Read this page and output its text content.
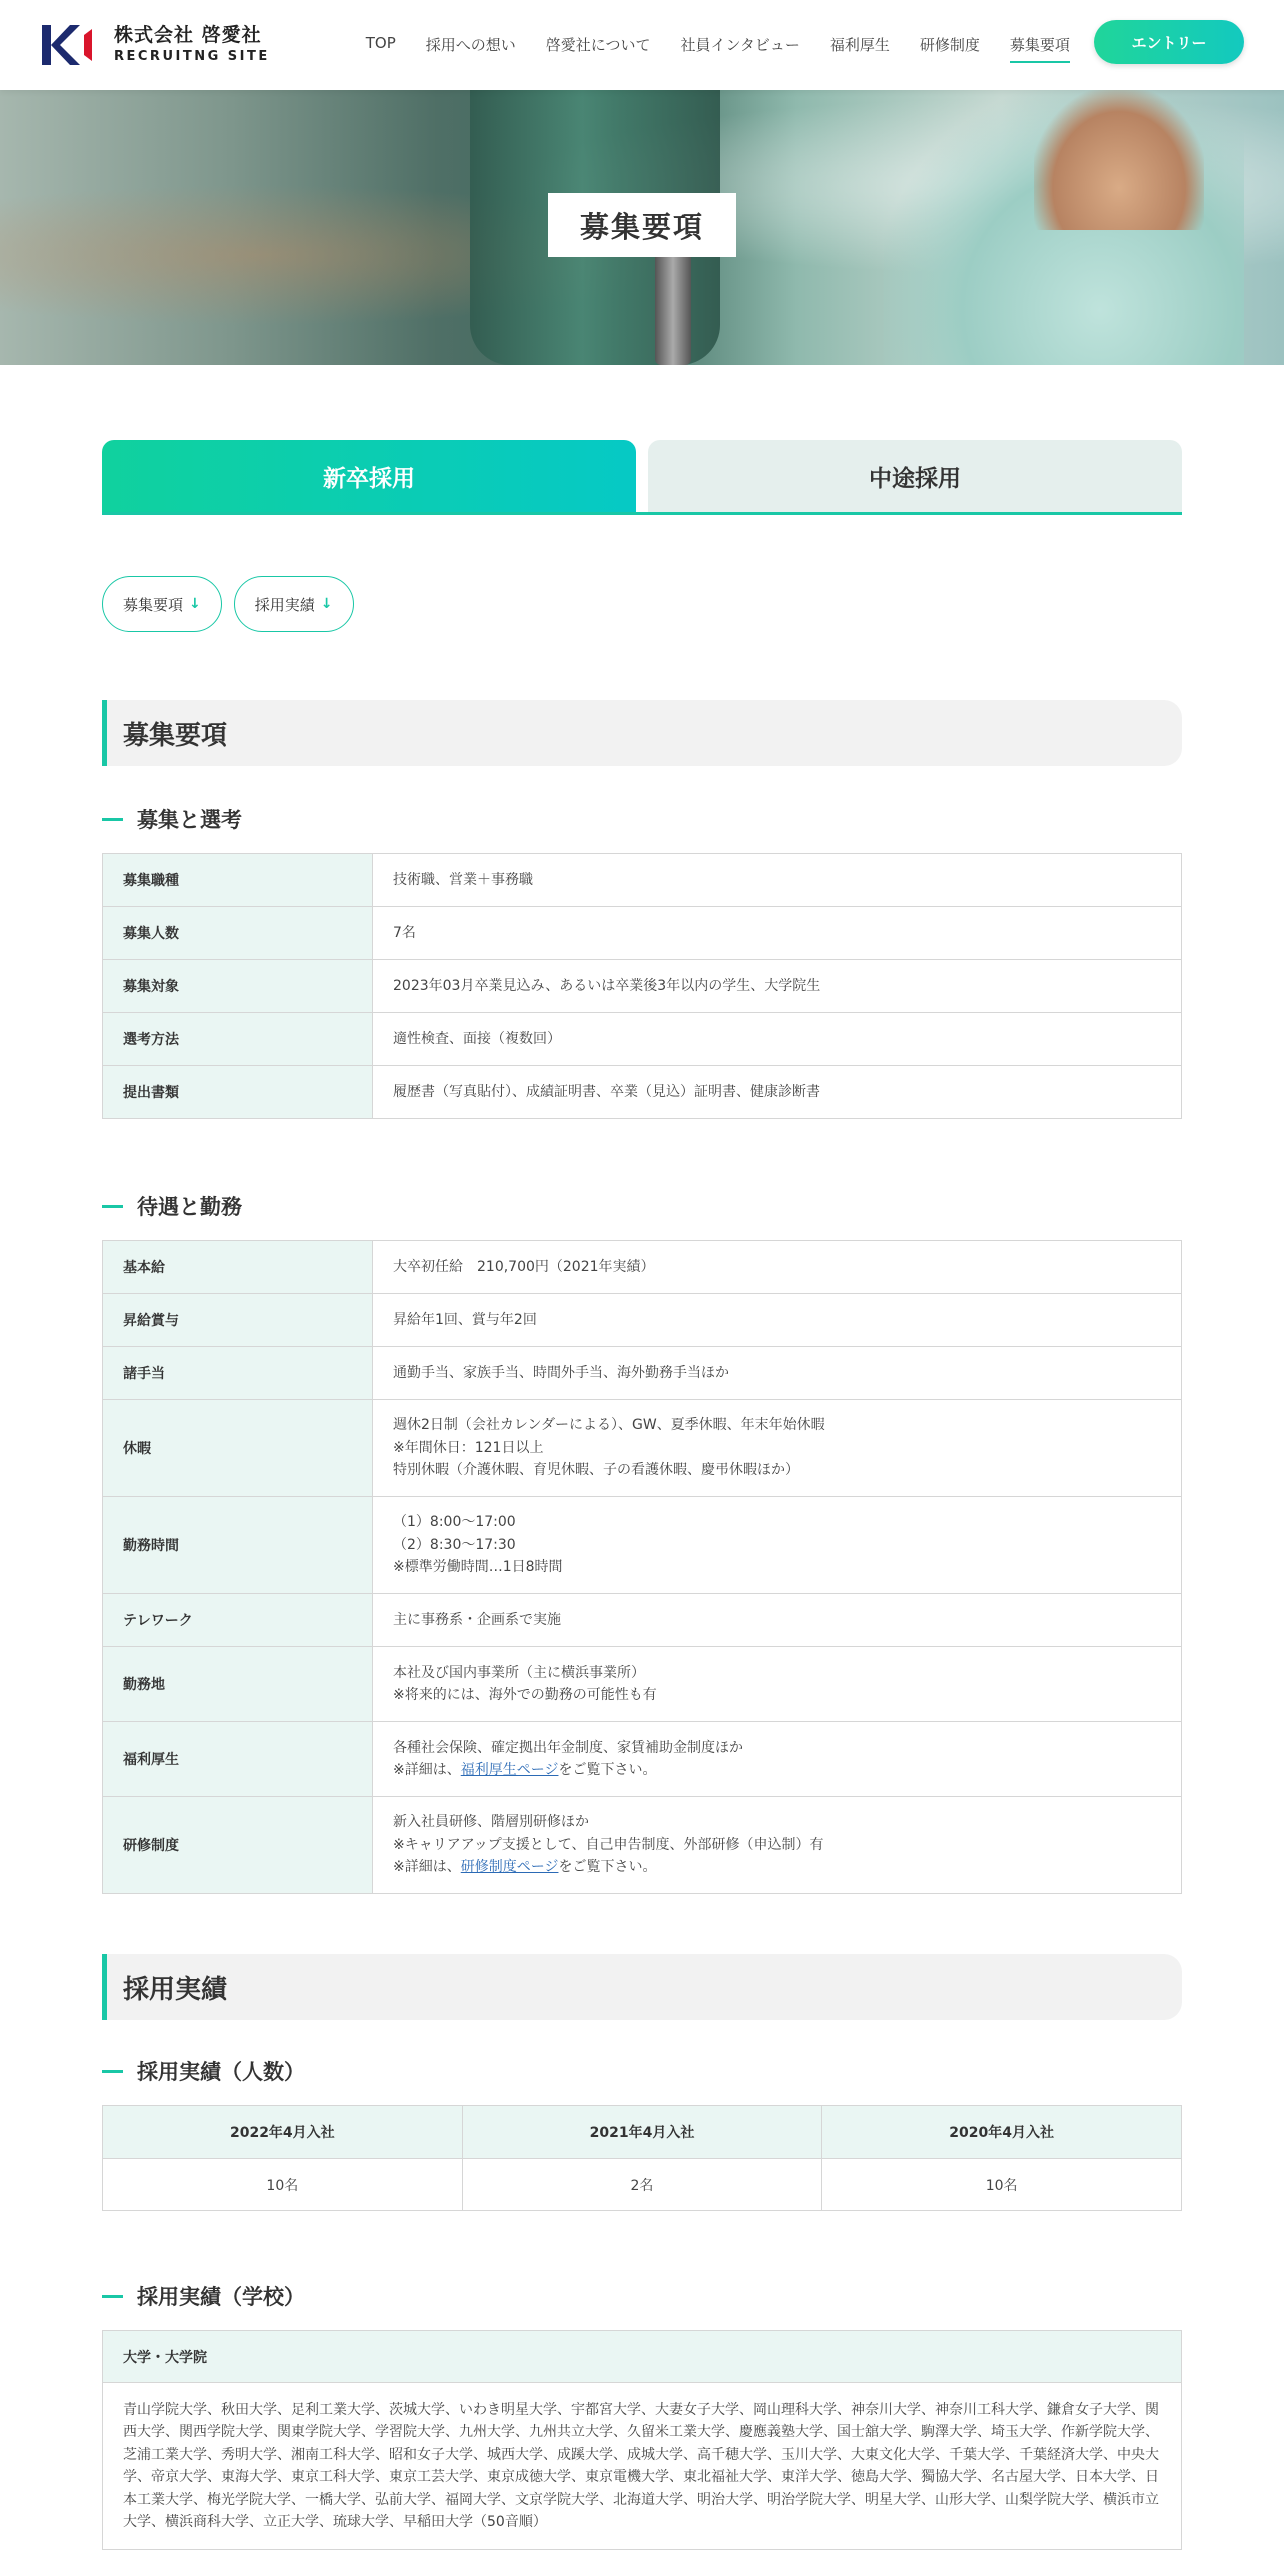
株式会社 啓愛社
RECRUITNG SITE
TOP 採用への想い 啓愛社について 社員インタビュー 福利厚生 研修制度 募集要項	エントリー
募集要項
新卒採用	中途採用
募集要項 ↓	採用実績 ↓
募集要項
募集と選考
募集職種	技術職、営業＋事務職
募集人数	7名
募集対象	2023年03月卒業見込み、あるいは卒業後3年以内の学生、大学院生
選考方法	適性検査、面接（複数回）
提出書類	履歴書（写真貼付）、成績証明書、卒業（見込）証明書、健康診断書
待遇と勤務
基本給	大卒初任給　210,700円（2021年実績）
昇給賞与	昇給年1回、賞与年2回
諸手当	通勤手当、家族手当、時間外手当、海外勤務手当ほか
休暇	週休2日制（会社カレンダーによる）、GW、夏季休暇、年末年始休暇
※年間休日：121日以上
特別休暇（介護休暇、育児休暇、子の看護休暇、慶弔休暇ほか）

勤務時間	（1）8:00〜17:00
（2）8:30〜17:30
※標準労働時間…1日8時間

テレワーク	主に事務系・企画系で実施
勤務地	本社及び国内事業所（主に横浜事業所）
※将来的には、海外での勤務の可能性も有

福利厚生	各種社会保険、確定拠出年金制度、家賃補助金制度ほか
※詳細は、福利厚生ページをご覧下さい。

研修制度	新入社員研修、階層別研修ほか
※キャリアアップ支援として、自己申告制度、外部研修（申込制）有
※詳細は、研修制度ページをご覧下さい。
採用実績
採用実績（人数）
2022年4月入社	2021年4月入社	2020年4月入社
10名	2名	10名
採用実績（学校）
大学・大学院
青山学院大学、秋田大学、足利工業大学、茨城大学、いわき明星大学、宇都宮大学、大妻女子大学、岡山理科大学、神奈川大学、神奈川工科大学、鎌倉女子大学、関西大学、関西学院大学、関東学院大学、学習院大学、九州大学、九州共立大学、久留米工業大学、慶應義塾大学、国士舘大学、駒澤大学、埼玉大学、作新学院大学、芝浦工業大学、秀明大学、湘南工科大学、昭和女子大学、城西大学、成蹊大学、成城大学、高千穂大学、玉川大学、大東文化大学、千葉大学、千葉経済大学、中央大学、帝京大学、東海大学、東京工科大学、東京工芸大学、東京成徳大学、東京電機大学、東北福祉大学、東洋大学、徳島大学、獨協大学、名古屋大学、日本大学、日本工業大学、梅光学院大学、一橋大学、弘前大学、福岡大学、文京学院大学、北海道大学、明治大学、明治学院大学、明星大学、山形大学、山梨学院大学、横浜市立大学、横浜商科大学、立正大学、琉球大学、早稲田大学（50音順）
